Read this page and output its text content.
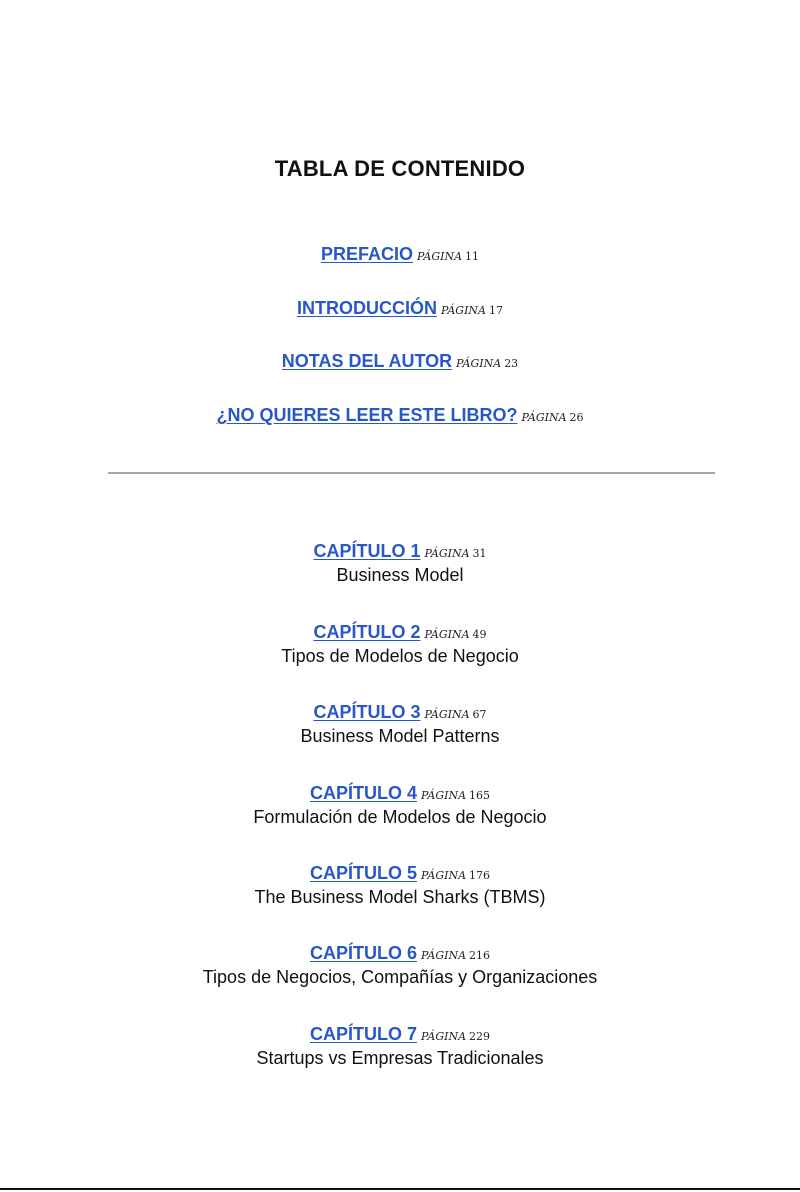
TABLA DE CONTENIDO
PREFACIO PÁGINA 11
INTRODUCCIÓN PÁGINA 17
NOTAS DEL AUTOR PÁGINA 23
¿NO QUIERES LEER ESTE LIBRO? PÁGINA 26
CAPÍTULO 1 PÁGINA 31
Business Model
CAPÍTULO 2 PÁGINA 49
Tipos de Modelos de Negocio
CAPÍTULO 3 PÁGINA 67
Business Model Patterns
CAPÍTULO 4 PÁGINA 165
Formulación de Modelos de Negocio
CAPÍTULO 5 PÁGINA 176
The Business Model Sharks (TBMS)
CAPÍTULO 6 PÁGINA 216
Tipos de Negocios, Compañías y Organizaciones
CAPÍTULO 7 PÁGINA 229
Startups vs Empresas Tradicionales
